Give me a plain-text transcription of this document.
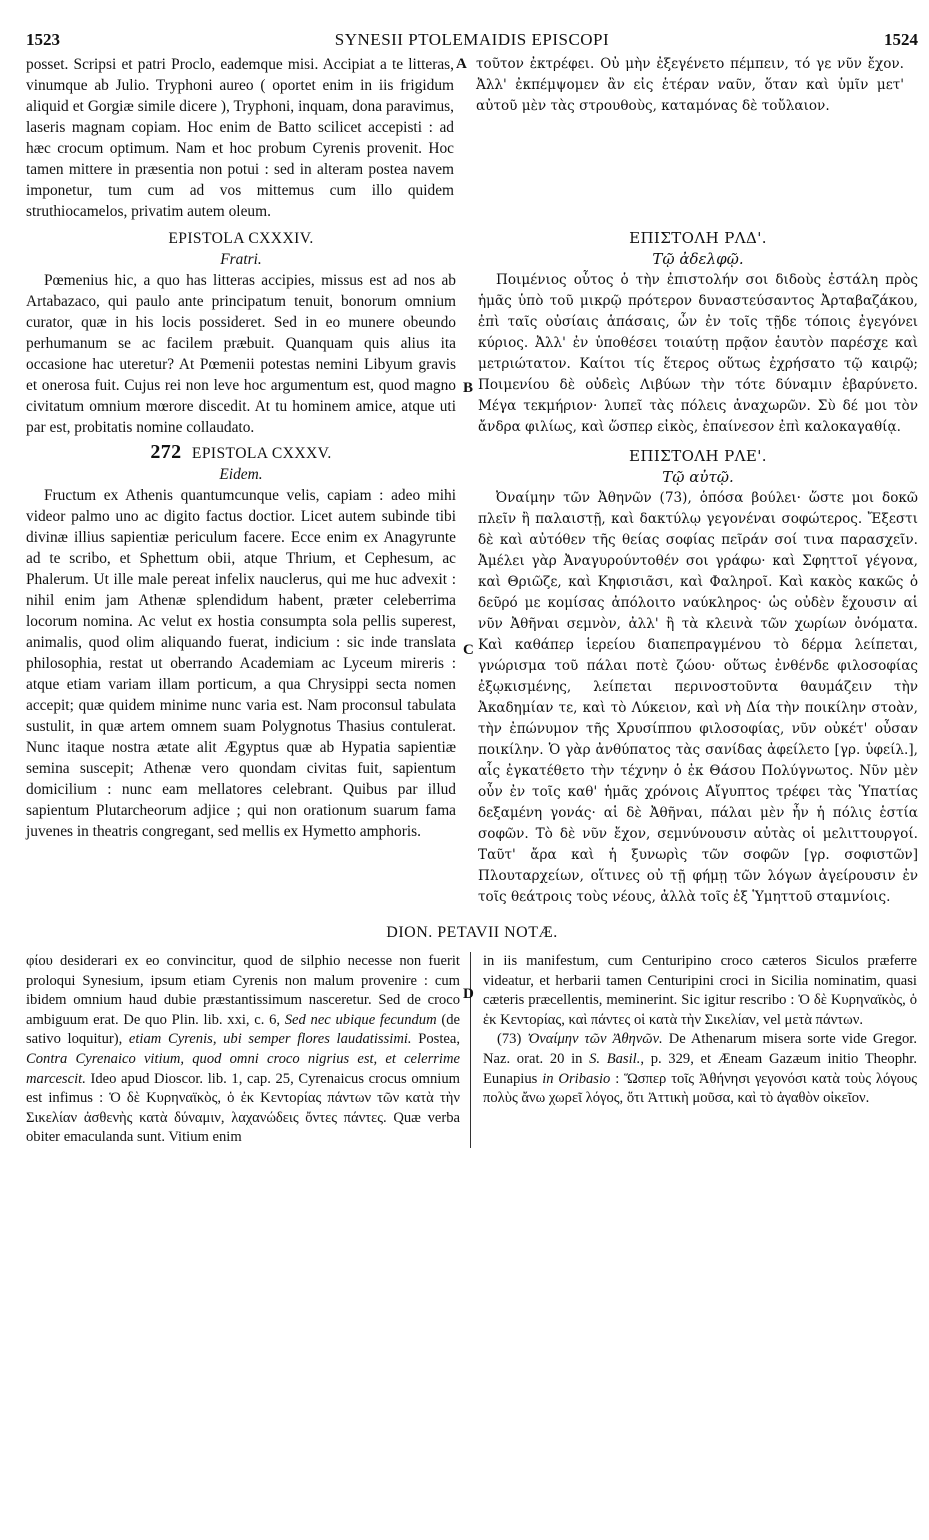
1523	SYNESII PTOLEMAIDIS EPISCOPI	1524

posset. Scripsi et patri Proclo, eademque misi. Accipiat a te litteras, vinumque ab Julio. Tryphoni aureo ( oportet enim in iis frigidum aliquid et Gorgiæ simile dicere ), Tryphoni, inquam, dona paravimus, laseris magnam copiam. Hoc enim de Batto scilicet accepisti : ad hæc crocum optimum. Nam et hoc probum Cyrenis provenit. Hoc tamen mittere in præsentia non potui : sed in alteram postea navem imponetur, tum cum ad vos mittemus cum illo quidem struthiocamelos, privatim autem oleum.

A τοῦτον ἐκτρέφει. Οὐ μὴν ἐξεγένετο πέμπειν, τό γε νῦν ἔχον. Ἀλλ' ἐκπέμψομεν ἂν εἰς ἑτέραν ναῦν, ὅταν καὶ ὑμῖν μετ' αὐτοῦ μὲν τὰς στρουθοὺς, καταμόνας δὲ τοὔλαιον.

EPISTOLA CXXXIV.
Fratri.

Pœmenius hic, a quo has litteras accipies, missus est ad nos ab Artabazaco, qui paulo ante principatum tenuit, bonorum omnium curator, quæ in his locis possideret. Sed in eo munere obeundo perhumanum se ac facilem præbuit. Quanquam quis alius ita occasione hac uteretur? At Pœmenii potestas nemini Libyum gravis et onerosa fuit. Cujus rei non leve hoc argumentum est, quod magno civitatum omnium mœrore discedit. At tu hominem amice, atque uti par est, probitatis nomine collaudato.

B
ΕΠΙΣΤΟΛΗ ΡΛΔ'.
Τῷ ἀδελφῷ.

Ποιμένιος οὗτος ὁ τὴν ἐπιστολήν σοι διδοὺς ἐστάλη πρὸς ἡμᾶς ὑπὸ τοῦ μικρῷ πρότερον δυναστεύσαντος Ἀρταβαζάκου, ἐπὶ ταῖς οὐσίαις ἁπάσαις, ὧν ἐν τοῖς τῇδε τόποις ἐγεγόνει κύριος. Ἀλλ' ἐν ὑποθέσει τοιαύτῃ πρᾷον ἑαυτὸν παρέσχε καὶ μετριώτατον. Καίτοι τίς ἕτερος οὕτως ἐχρήσατο τῷ καιρῷ; Ποιμενίου δὲ οὐδεὶς Λιβύων τὴν τότε δύναμιν ἐβαρύνετο. Μέγα τεκμήριον· λυπεῖ τὰς πόλεις ἀναχωρῶν. Σὺ δέ μοι τὸν ἄνδρα φιλίως, καὶ ὥσπερ εἰκὸς, ἐπαίνεσον ἐπὶ καλοκαγαθίᾳ.

272 EPISTOLA CXXXV.
Eidem.

Fructum ex Athenis quantumcunque velis, capiam : adeo mihi videor palmo uno ac digito factus doctior. Licet autem subinde tibi divinæ illius sapientiæ periculum facere. Ecce enim ex Anagyrunte ad te scribo, et Sphettum obii, atque Thrium, et Cephesum, ac Phalerum. Ut ille male pereat infelix nauclerus, qui me huc advexit : nihil enim jam Athenæ splendidum habent, præter celeberrima locorum nomina. Ac velut ex hostia consumpta sola pellis superest, animalis, quod olim aliquando fuerat, indicium : sic inde translata philosophia, restat ut oberrando Academiam ac Lyceum mireris : atque etiam variam illam porticum, a qua Chrysippi secta nomen accepit; quæ quidem minime nunc varia est. Nam proconsul tabulata sustulit, in quæ artem omnem suam Polygnotus Thasius contulerat. Nunc itaque nostra ætate alit Ægyptus quæ ab Hypatia sapientiæ semina suscepit; Athenæ vero quondam civitas fuit, sapientum domicilium : nunc eam mellatores celebrant. Quibus par illud sapientum Plutarcheorum adjice ; qui non orationum suarum fama juvenes in theatris congregant, sed mellis ex Hymetto amphoris.

C
D
ΕΠΙΣΤΟΛΗ ΡΛΕ'.
Τῷ αὐτῷ.

Ὀναίμην τῶν Ἀθηνῶν (73), ὁπόσα βούλει· ὥστε μοι δοκῶ πλεῖν ἢ παλαιστῇ, καὶ δακτύλῳ γεγονέναι σοφώτερος. Ἔξεστι δὲ καὶ αὐτόθεν τῆς θείας σοφίας πεῖράν σοί τινα παρασχεῖν. Ἀμέλει γὰρ Ἀναγυρούντοθέν σοι γράφω· καὶ Σφηττοῖ γέγονα, καὶ Θριῶζε, καὶ Κηφισιᾶσι, καὶ Φαληροῖ. Καὶ κακὸς κακῶς ὁ δεῦρό με κομίσας ἀπόλοιτο ναύκληρος· ὡς οὐδὲν ἔχουσιν αἱ νῦν Ἀθῆναι σεμνὸν, ἀλλ' ἢ τὰ κλεινὰ τῶν χωρίων ὀνόματα. Καὶ καθάπερ ἱερείου διαπεπραγμένου τὸ δέρμα λείπεται, γνώρισμα τοῦ πάλαι ποτὲ ζώου· οὕτως ἐνθένδε φιλοσοφίας ἐξῳκισμένης, λείπεται περινοστοῦντα θαυμάζειν τὴν Ἀκαδημίαν τε, καὶ τὸ Λύκειον, καὶ νὴ Δία τὴν ποικίλην στοὰν, τὴν ἐπώνυμον τῆς Χρυσίππου φιλοσοφίας, νῦν οὐκέτ' οὖσαν ποικίλην. Ὁ γὰρ ἀνθύπατος τὰς σανίδας ἀφείλετο [γρ. ὑφείλ.], αἷς ἐγκατέθετο τὴν τέχνην ὁ ἐκ Θάσου Πολύγνωτος. Νῦν μὲν οὖν ἐν τοῖς καθ' ἡμᾶς χρόνοις Αἴγυπτος τρέφει τὰς Ὑπατίας δεξαμένη γονάς· αἱ δὲ Ἀθῆναι, πάλαι μὲν ἦν ἡ πόλις ἑστία σοφῶν. Τὸ δὲ νῦν ἔχον, σεμνύνουσιν αὐτὰς οἱ μελιττουργοί. Ταῦτ' ἄρα καὶ ἡ ξυνωρὶς τῶν σοφῶν [γρ. σοφιστῶν] Πλουταρχείων, οἵτινες οὐ τῇ φήμῃ τῶν λόγων ἀγείρουσιν ἐν τοῖς θεάτροις τοὺς νέους, ἀλλὰ τοῖς ἐξ Ὑμηττοῦ σταμνίοις.

DION. PETAVII NOTÆ.

φίου desiderari ex eo convincitur, quod de silphio necesse non fuerit proloqui Synesium, ipsum etiam Cyrenis non malum provenire : cum ibidem omnium haud dubie præstantissimum nasceretur. Sed de croco ambiguum erat. De quo Plin. lib. xxi, c. 6, Sed nec ubique fecundum (de sativo loquitur), etiam Cyrenis, ubi semper flores laudatissimi. Postea, Contra Cyrenaico vitium, quod omni croco nigrius est, et celerrime marcescit. Ideo apud Dioscor. lib. 1, cap. 25, Cyrenaicus crocus omnium est infimus : Ὁ δὲ Κυρηναϊκὸς, ὁ ἐκ Κεντορίας πάντων τῶν κατὰ τὴν Σικελίαν ἀσθενὴς κατὰ δύναμιν, λαχανώδεις ὄντες πάντες. Quæ verba obiter emaculanda sunt. Vitium enim

in iis manifestum, cum Centuripino croco cæteros Siculos præferre videatur, et herbarii tamen Centuripini croci in Sicilia nominatim, quasi cæteris præcellentis, meminerint. Sic igitur rescribo : Ὁ δὲ Κυρηναϊκὸς, ὁ ἐκ Κεντορίας, καὶ πάντες οἱ κατὰ τὴν Σικελίαν, vel μετὰ πάντων.

(73) Ὀναίμην τῶν Ἀθηνῶν. De Athenarum misera sorte vide Gregor. Naz. orat. 20 in S. Basil., p. 329, et Æneam Gazæum initio Theophr. Eunapius in Oribasio : Ὥσπερ τοῖς Ἀθήνησι γεγονόσι κατὰ τοὺς λόγους πολὺς ἄνω χωρεῖ λόγος, ὅτι Ἀττικὴ μοῦσα, καὶ τὸ ἀγαθὸν οἰκεῖον.
